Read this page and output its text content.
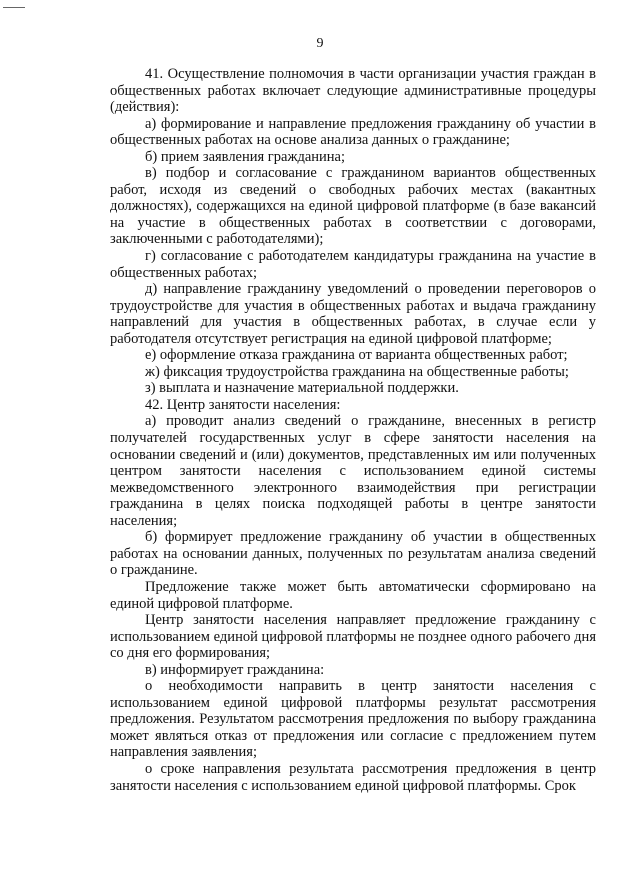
9

41. Осуществление полномочия в части организации участия граждан в общественных работах включает следующие административные процедуры (действия):

а) формирование и направление предложения гражданину об участии в общественных работах на основе анализа данных о гражданине;

б) прием заявления гражданина;

в) подбор и согласование с гражданином вариантов общественных работ, исходя из сведений о свободных рабочих местах (вакантных должностях), содержащихся на единой цифровой платформе (в базе вакансий на участие в общественных работах в соответствии с договорами, заключенными с работодателями);

г) согласование с работодателем кандидатуры гражданина на участие в общественных работах;

д) направление гражданину уведомлений о проведении переговоров о трудоустройстве для участия в общественных работах и выдача гражданину направлений для участия в общественных работах, в случае если у работодателя отсутствует регистрация на единой цифровой платформе;

е) оформление отказа гражданина от варианта общественных работ;

ж) фиксация трудоустройства гражданина на общественные работы;

з) выплата и назначение материальной поддержки.

42. Центр занятости населения:

а) проводит анализ сведений о гражданине, внесенных в регистр получателей государственных услуг в сфере занятости населения на основании сведений и (или) документов, представленных им или полученных центром занятости населения с использованием единой системы межведомственного электронного взаимодействия при регистрации гражданина в целях поиска подходящей работы в центре занятости населения;

б) формирует предложение гражданину об участии в общественных работах на основании данных, полученных по результатам анализа сведений о гражданине.

Предложение также может быть автоматически сформировано на единой цифровой платформе.

Центр занятости населения направляет предложение гражданину с использованием единой цифровой платформы не позднее одного рабочего дня со дня его формирования;

в) информирует гражданина:

о необходимости направить в центр занятости населения с использованием единой цифровой платформы результат рассмотрения предложения. Результатом рассмотрения предложения по выбору гражданина может являться отказ от предложения или согласие с предложением путем направления заявления;

о сроке направления результата рассмотрения предложения в центр занятости населения с использованием единой цифровой платформы. Срок
